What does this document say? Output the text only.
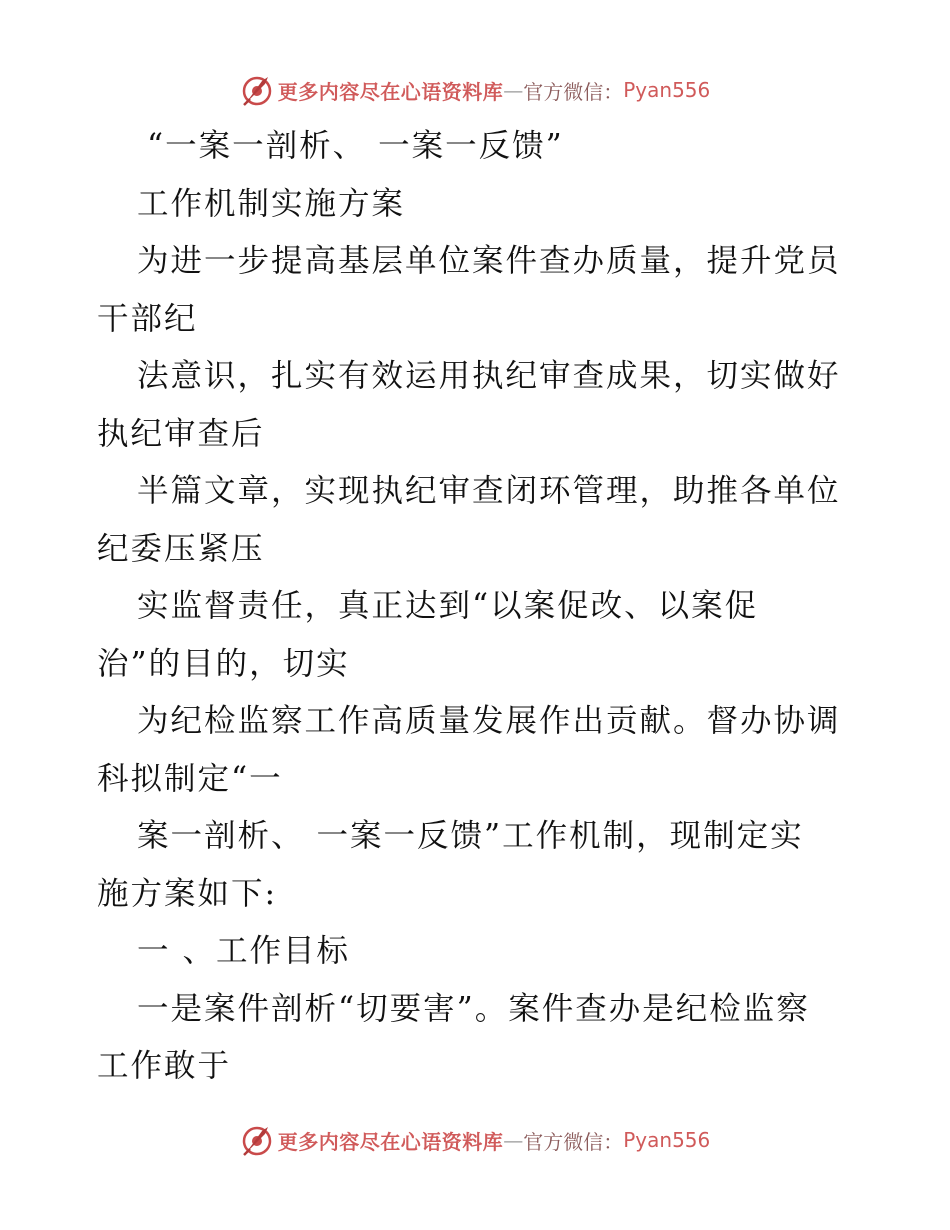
更多内容尽在心语资料库 — 官方微信： Pyan556
“一案一剖析、 一案一反馈”
工作机制实施方案
为进一步提高基层单位案件查办质量，提升党员
干部纪
法意识，扎实有效运用执纪审查成果，切实做好
执纪审查后
半篇文章，实现执纪审查闭环管理，助推各单位
纪委压紧压
实监督责任，真正达到“以案促改、以案促
治”的目的，切实
为纪检监察工作高质量发展作出贡献。督办协调
科拟制定“一
案一剖析、 一案一反馈”工作机制，现制定实
施方案如下:
一 、工作目标
一是案件剖析“切要害”。案件查办是纪检监察
工作敢于
更多内容尽在心语资料库 — 官方微信： Pyan556
